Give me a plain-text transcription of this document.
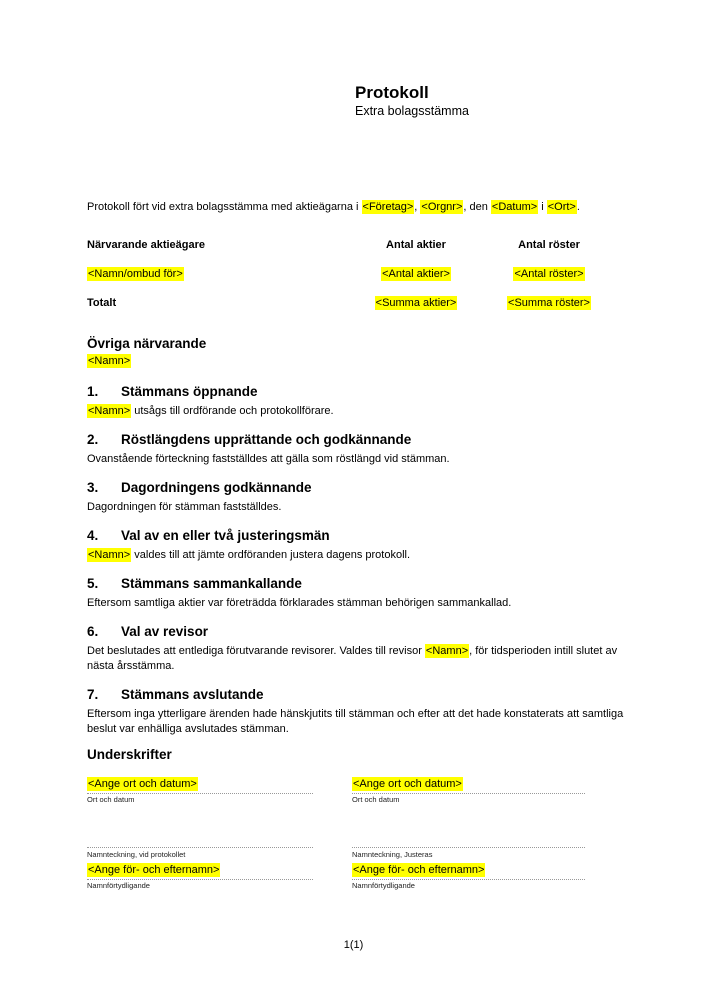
Protokoll
Extra bolagsstämma

Protokoll fört vid extra bolagsstämma med aktieägarna i <Företag>, <Orgnr>, den <Datum> i <Ort>.

Närvarande aktieägare	Antal aktier	Antal röster
<Namn/ombud för>	<Antal aktier>	<Antal röster>
Totalt	<Summa aktier>	<Summa röster>
Övriga närvarande

<Namn>

1.	Stämmans öppnande

<Namn> utsågs till ordförande och protokollförare.

2.	Röstlängdens upprättande och godkännande

Ovanstående förteckning fastställdes att gälla som röstlängd vid stämman.

3.	Dagordningens godkännande

Dagordningen för stämman fastställdes.

4.	Val av en eller två justeringsmän

<Namn> valdes till att jämte ordföranden justera dagens protokoll.

5.	Stämmans sammankallande

Eftersom samtliga aktier var företrädda förklarades stämman behörigen sammankallad.

6.	Val av revisor

Det beslutades att entlediga förutvarande revisorer. Valdes till revisor <Namn>, för tidsperioden intill slutet av nästa årsstämma.

7.	Stämmans avslutande

Eftersom inga ytterligare ärenden hade hänskjutits till stämman och efter att det hade konstaterats att samtliga beslut var enhälliga avslutades stämman.

Underskrifter
<Ange ort och datum>
Ort och datum
Namnteckning, vid protokollet
<Ange för- och efternamn>
Namnförtydligande
<Ange ort och datum>
Ort och datum
Namnteckning, Justeras
<Ange för- och efternamn>
Namnförtydligande
1(1)
